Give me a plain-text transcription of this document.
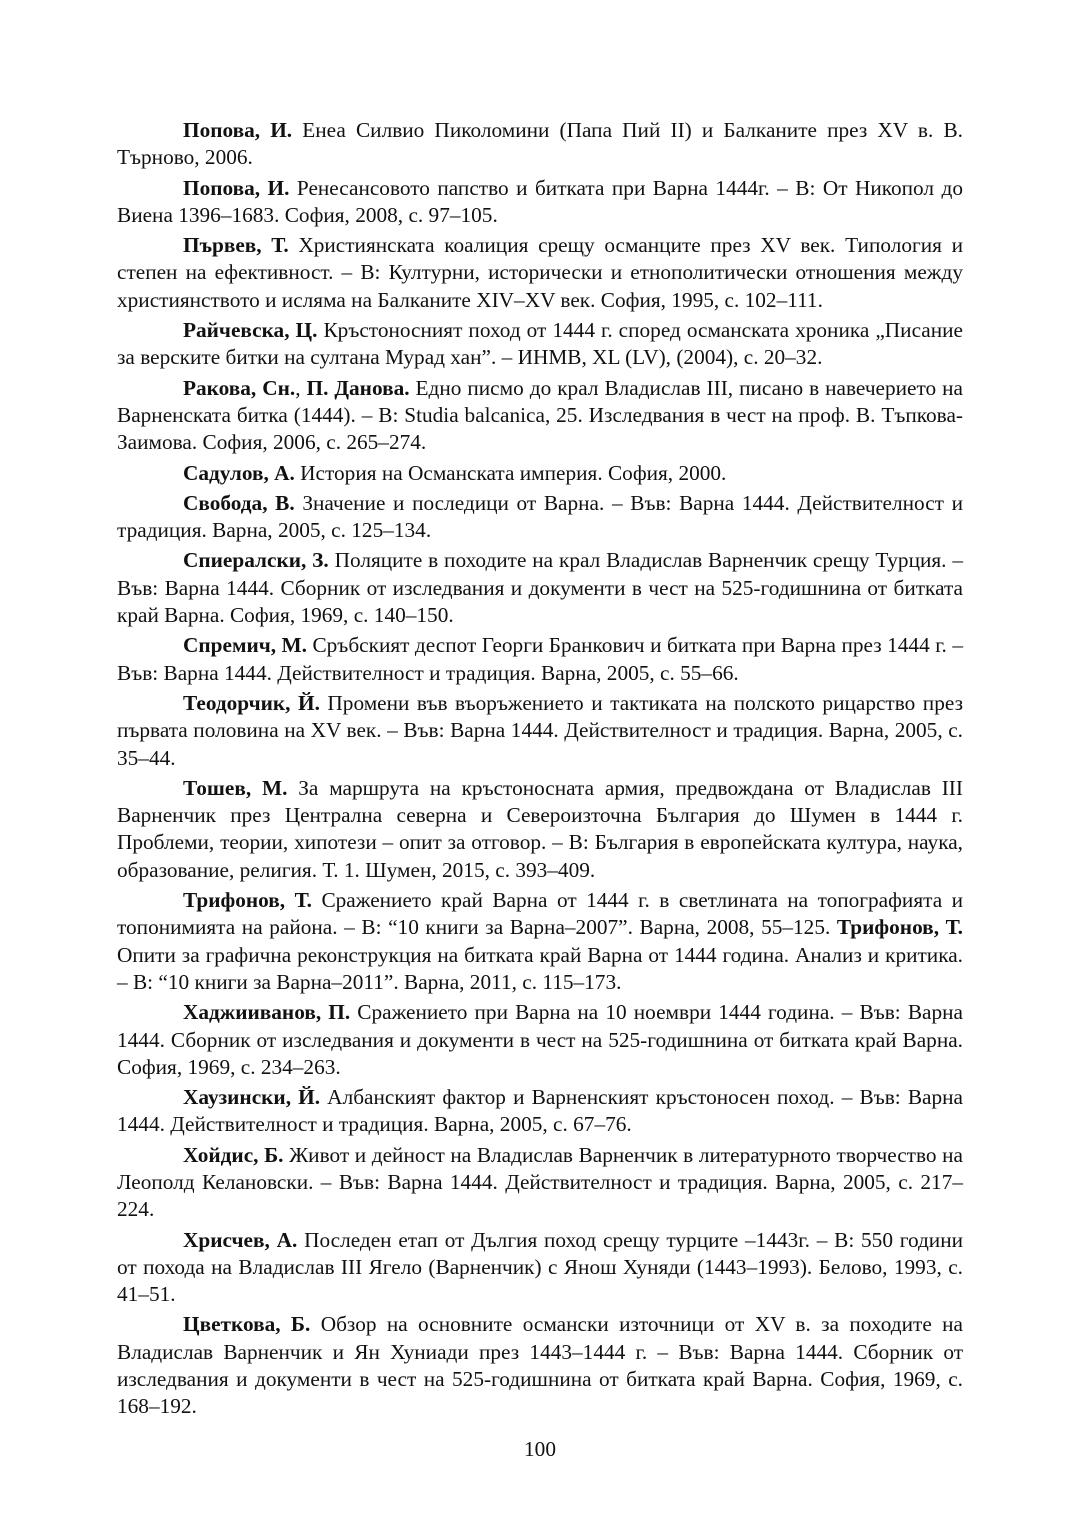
Попова, И. Енеа Силвио Пиколомини (Папа Пий II) и Балканите през XV в. В. Търново, 2006.

Попова, И. Ренесансовото папство и битката при Варна 1444г. – В: От Никопол до Виена 1396–1683. София, 2008, с. 97–105.

Първев, Т. Християнската коалиция срещу османците през XV век. Типология и степен на ефективност. – В: Културни, исторически и етнополитически отношения между християнството и исляма на Балканите XIV–XV век. София, 1995, с. 102–111.

Райчевска, Ц. Кръстоносният поход от 1444 г. според османската хроника „Писание за верските битки на султана Мурад хан”. – ИНМВ, XL (LV), (2004), с. 20–32.

Ракова, Сн., П. Данова. Едно писмо до крал Владислав III, писано в навечерието на Варненската битка (1444). – В: Studia balcanica, 25. Изследвания в чест на проф. В. Тъпкова-Заимова. София, 2006, с. 265–274.

Садулов, А. История на Османската империя. София, 2000.

Свобода, В. Значение и последици от Варна. – Във: Варна 1444. Действителност и традиция. Варна, 2005, с. 125–134.

Спиералски, З. Поляците в походите на крал Владислав Варненчик срещу Турция. – Във: Варна 1444. Сборник от изследвания и документи в чест на 525-годишнина от битката край Варна. София, 1969, с. 140–150.

Спремич, М. Сръбският деспот Георги Бранкович и битката при Варна през 1444 г. – Във: Варна 1444. Действителност и традиция. Варна, 2005, с. 55–66.

Теодорчик, Й. Промени във въоръжението и тактиката на полското рицарство през първата половина на XV век. – Във: Варна 1444. Действителност и традиция. Варна, 2005, с. 35–44.

Тошев, М. За маршрута на кръстоносната армия, предвождана от Владислав III Варненчик през Централна северна и Североизточна България до Шумен в 1444 г. Проблеми, теории, хипотези – опит за отговор. – В: България в европейската култура, наука, образование, религия. Т. 1. Шумен, 2015, с. 393–409.

Трифонов, Т. Сражението край Варна от 1444 г. в светлината на топографията и топонимията на района. – В: “10 книги за Варна–2007”. Варна, 2008, 55–125. Трифонов, Т. Опити за графична реконструкция на битката край Варна от 1444 година. Анализ и критика. – В: “10 книги за Варна–2011”. Варна, 2011, с. 115–173.

Хаджииванов, П. Сражението при Варна на 10 ноември 1444 година. – Във: Варна 1444. Сборник от изследвания и документи в чест на 525-годишнина от битката край Варна. София, 1969, с. 234–263.

Хаузински, Й. Албанският фактор и Варненският кръстоносен поход. – Във: Варна 1444. Действителност и традиция. Варна, 2005, с. 67–76.

Хойдис, Б. Живот и дейност на Владислав Варненчик в литературното творчество на Леополд Келановски. – Във: Варна 1444. Действителност и традиция. Варна, 2005, с. 217–224.

Хрисчев, А. Последен етап от Дългия поход срещу турците –1443г. – В: 550 години от похода на Владислав III Ягело (Варненчик) с Янош Хуняди (1443–1993). Белово, 1993, с. 41–51.

Цветкова, Б. Обзор на основните османски източници от XV в. за походите на Владислав Варненчик и Ян Хуниади през 1443–1444 г. – Във: Варна 1444. Сборник от изследвания и документи в чест на 525-годишнина от битката край Варна. София, 1969, с. 168–192.

100
